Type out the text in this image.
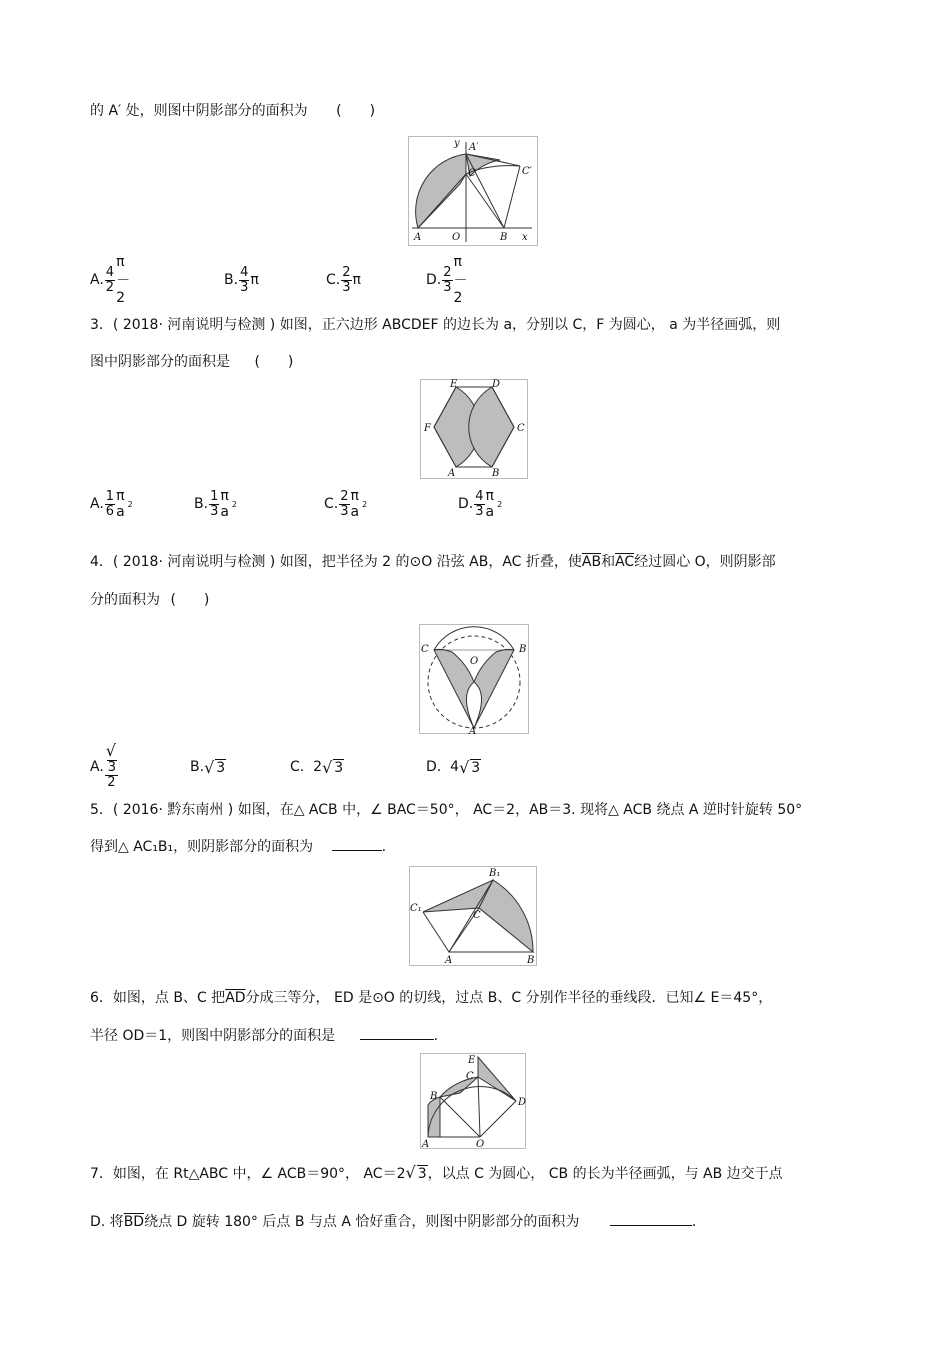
的 A′ 处，则图中阴影部分的面积为 (　　)
y A′
C	C′
A	O	B x
A. $\frac{4}{2}$
π － 2
B. $\frac{4}{3}$ π	C. $\frac{2}{3}$ π	D. $\frac{2}{3}$
π － 2
3．( 2018· 河南说明与检测 ) 如图，正六边形 ABCDEF 的边长为 a，分别以 C，F 为圆心， a 为半径画弧，则
图中阴影部分的面积是 (　　)
E	D
F	C
A	B
A. $\frac{1}{6}$ π a 2	B. $\frac{1}{3}$ π a 2	C. $\frac{2}{3}$ π a 2	D. $\frac{4}{3}$ π a 2
4．( 2018· 河南说明与检测 ) 如图，把半径为 2 的⊙O 沿弦 AB，AC 折叠，使$\overline{AB}$和$\overline{AC}$经过圆心 O，则阴影部
分的面积为 (　　)
C
O
B
A
A. $\frac{√3}{2}$	B. √ 3	C.
2 √ 3	D.
4 √ 3
5．( 2016· 黔东南州 ) 如图，在△ ACB 中，∠ BAC＝50°， AC＝2，AB＝3. 现将△ ACB 绕点 A 逆时针旋转 50°
得到△ AC₁B₁，则阴影部分的面积为	.
B₁
C₁
C
A	B
6．如图，点 B、C 把$\overline{AD}$分成三等分， ED 是⊙O 的切线，过点 B、C 分别作半径的垂线段．已知∠ E＝45°，
半径 OD＝1，则图中阴影部分的面积是	.
E
C
B
D
A	O
7．如图，在 Rt△ABC 中，∠ ACB＝90°， AC＝2√ 3，以点 C 为圆心， CB 的长为半径画弧，与 AB 边交于点
D. 将$\overline{BD}$绕点 D 旋转 180° 后点 B 与点 A 恰好重合，则图中阴影部分的面积为	.
